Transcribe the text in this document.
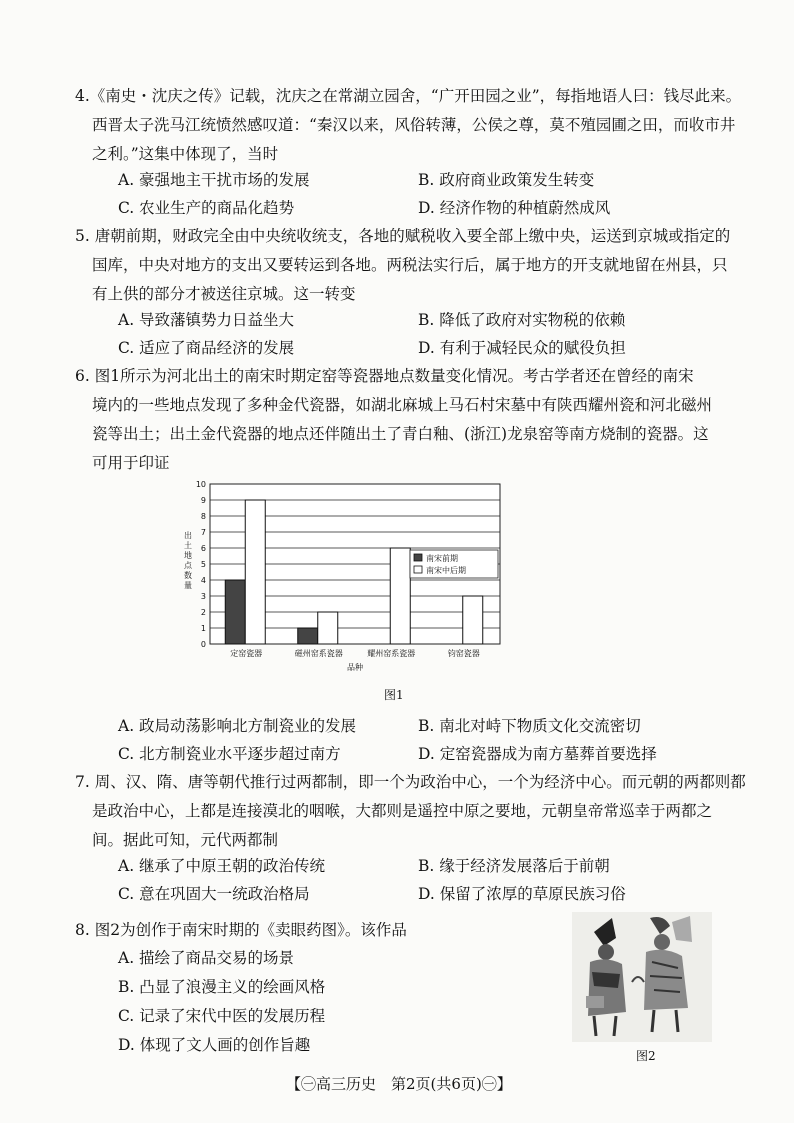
4.《南史・沈庆之传》记载，沈庆之在常湖立园舍，“广开田园之业”，每指地语人曰：钱尽此来。
西晋太子洗马江统愤然感叹道：“秦汉以来，风俗转薄，公侯之尊，莫不殖园圃之田，而收市井
之利。”这集中体现了，当时
A. 豪强地主干扰市场的发展	B. 政府商业政策发生转变
C. 农业生产的商品化趋势	D. 经济作物的种植蔚然成风
5. 唐朝前期，财政完全由中央统收统支，各地的赋税收入要全部上缴中央，运送到京城或指定的
国库，中央对地方的支出又要转运到各地。两税法实行后，属于地方的开支就地留在州县，只
有上供的部分才被送往京城。这一转变
A. 导致藩镇势力日益坐大	B. 降低了政府对实物税的依赖
C. 适应了商品经济的发展	D. 有利于减轻民众的赋役负担
6. 图1所示为河北出土的南宋时期定窑等瓷器地点数量变化情况。考古学者还在曾经的南宋
境内的一些地点发现了多种金代瓷器，如湖北麻城上马石村宋墓中有陕西耀州瓷和河北磁州
瓷等出土；出土金代瓷器的地点还伴随出土了青白釉、(浙江)龙泉窑等南方烧制的瓷器。这
可用于印证
0
1
2
3
4
5
6
7
8
9
10
定窑瓷器	磁州窑系瓷器	耀州窑系瓷器	钧窑瓷器
品种
出
土
地
点
数
量
南宋前期
南宋中后期
图1
A. 政局动荡影响北方制瓷业的发展	B. 南北对峙下物质文化交流密切
C. 北方制瓷业水平逐步超过南方	D. 定窑瓷器成为南方墓葬首要选择
7. 周、汉、隋、唐等朝代推行过两都制，即一个为政治中心，一个为经济中心。而元朝的两都则都
是政治中心，上都是连接漠北的咽喉，大都则是遥控中原之要地，元朝皇帝常巡幸于两都之
间。据此可知，元代两都制
A. 继承了中原王朝的政治传统	B. 缘于经济发展落后于前朝
C. 意在巩固大一统政治格局	D. 保留了浓厚的草原民族习俗
8. 图2为创作于南宋时期的《卖眼药图》。该作品
A. 描绘了商品交易的场景
B. 凸显了浪漫主义的绘画风格
C. 记录了宋代中医的发展历程
D. 体现了文人画的创作旨趣
图2
【㊀高三历史　第2页(共6页)㊀】
